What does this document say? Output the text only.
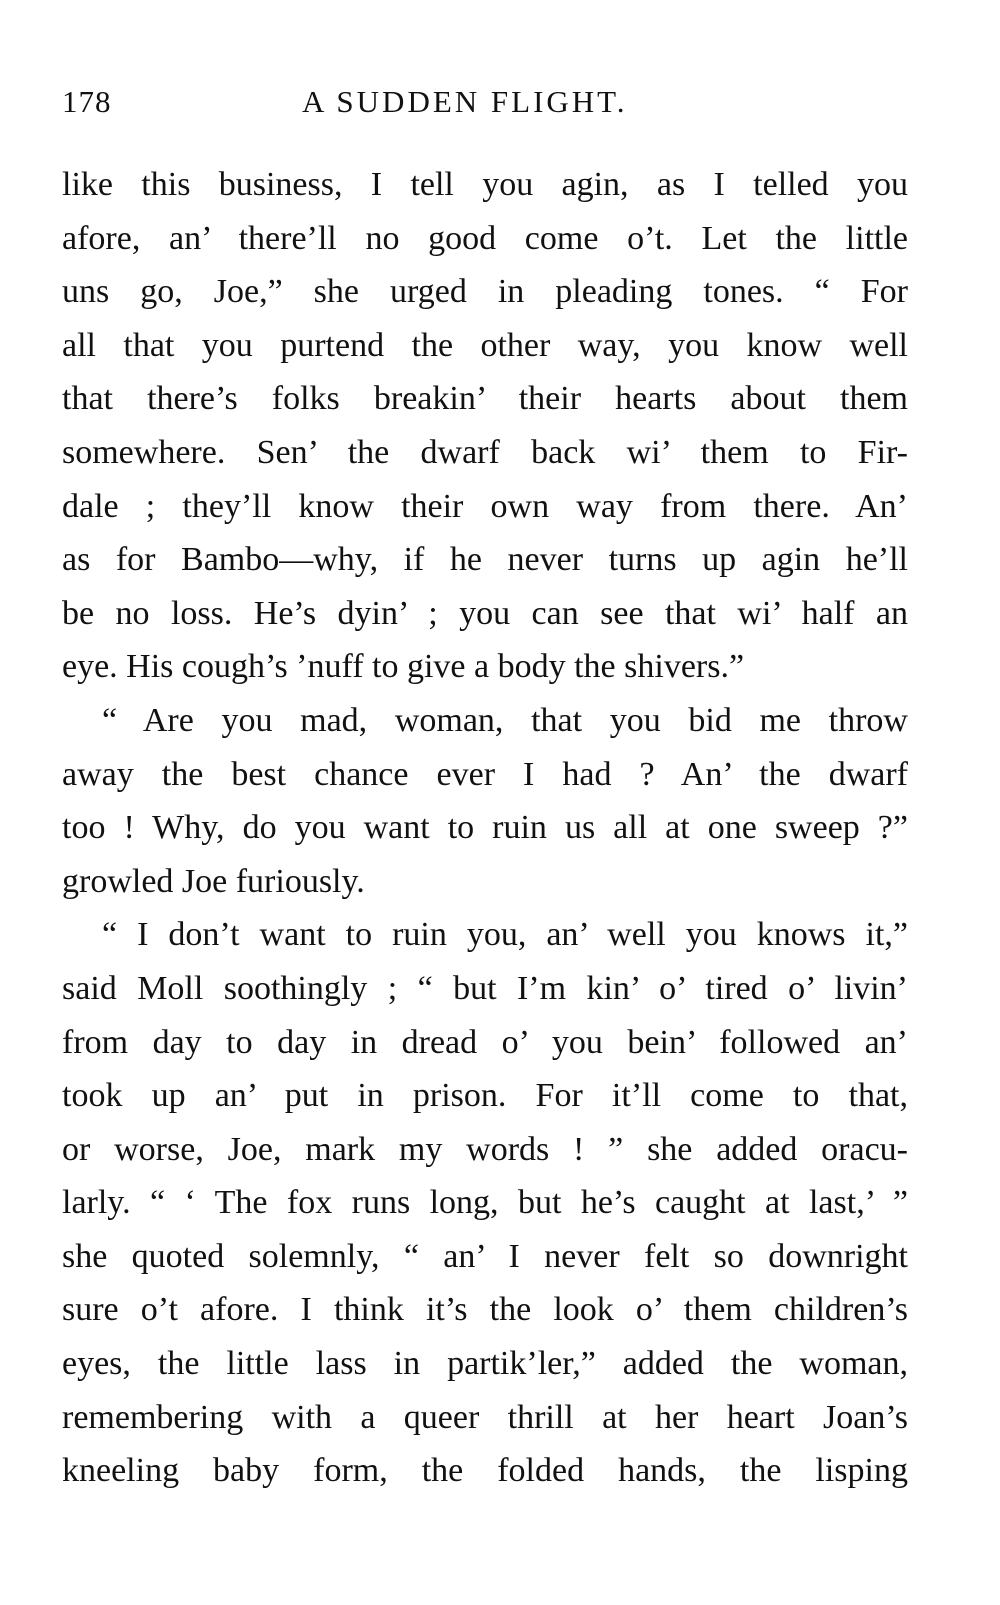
178	A SUDDEN FLIGHT.
like this business, I tell you agin, as I telled you
afore, an’ there’ll no good come o’t. Let the little
uns go, Joe,” she urged in pleading tones. “ For
all that you purtend the other way, you know well
that there’s folks breakin’ their hearts about them
somewhere. Sen’ the dwarf back wi’ them to Fir-
dale ; they’ll know their own way from there. An’
as for Bambo—why, if he never turns up agin he’ll
be no loss. He’s dyin’ ; you can see that wi’ half an
eye. His cough’s ’nuff to give a body the shivers.”
“ Are you mad, woman, that you bid me throw
away the best chance ever I had ? An’ the dwarf
too ! Why, do you want to ruin us all at one sweep ?”
growled Joe furiously.
“ I don’t want to ruin you, an’ well you knows it,”
said Moll soothingly ; “ but I’m kin’ o’ tired o’ livin’
from day to day in dread o’ you bein’ followed an’
took up an’ put in prison. For it’ll come to that,
or worse, Joe, mark my words ! ” she added oracu-
larly. “ ‘ The fox runs long, but he’s caught at last,’ ”
she quoted solemnly, “ an’ I never felt so downright
sure o’t afore. I think it’s the look o’ them children’s
eyes, the little lass in partik’ler,” added the woman,
remembering with a queer thrill at her heart Joan’s
kneeling baby form, the folded hands, the lisping
